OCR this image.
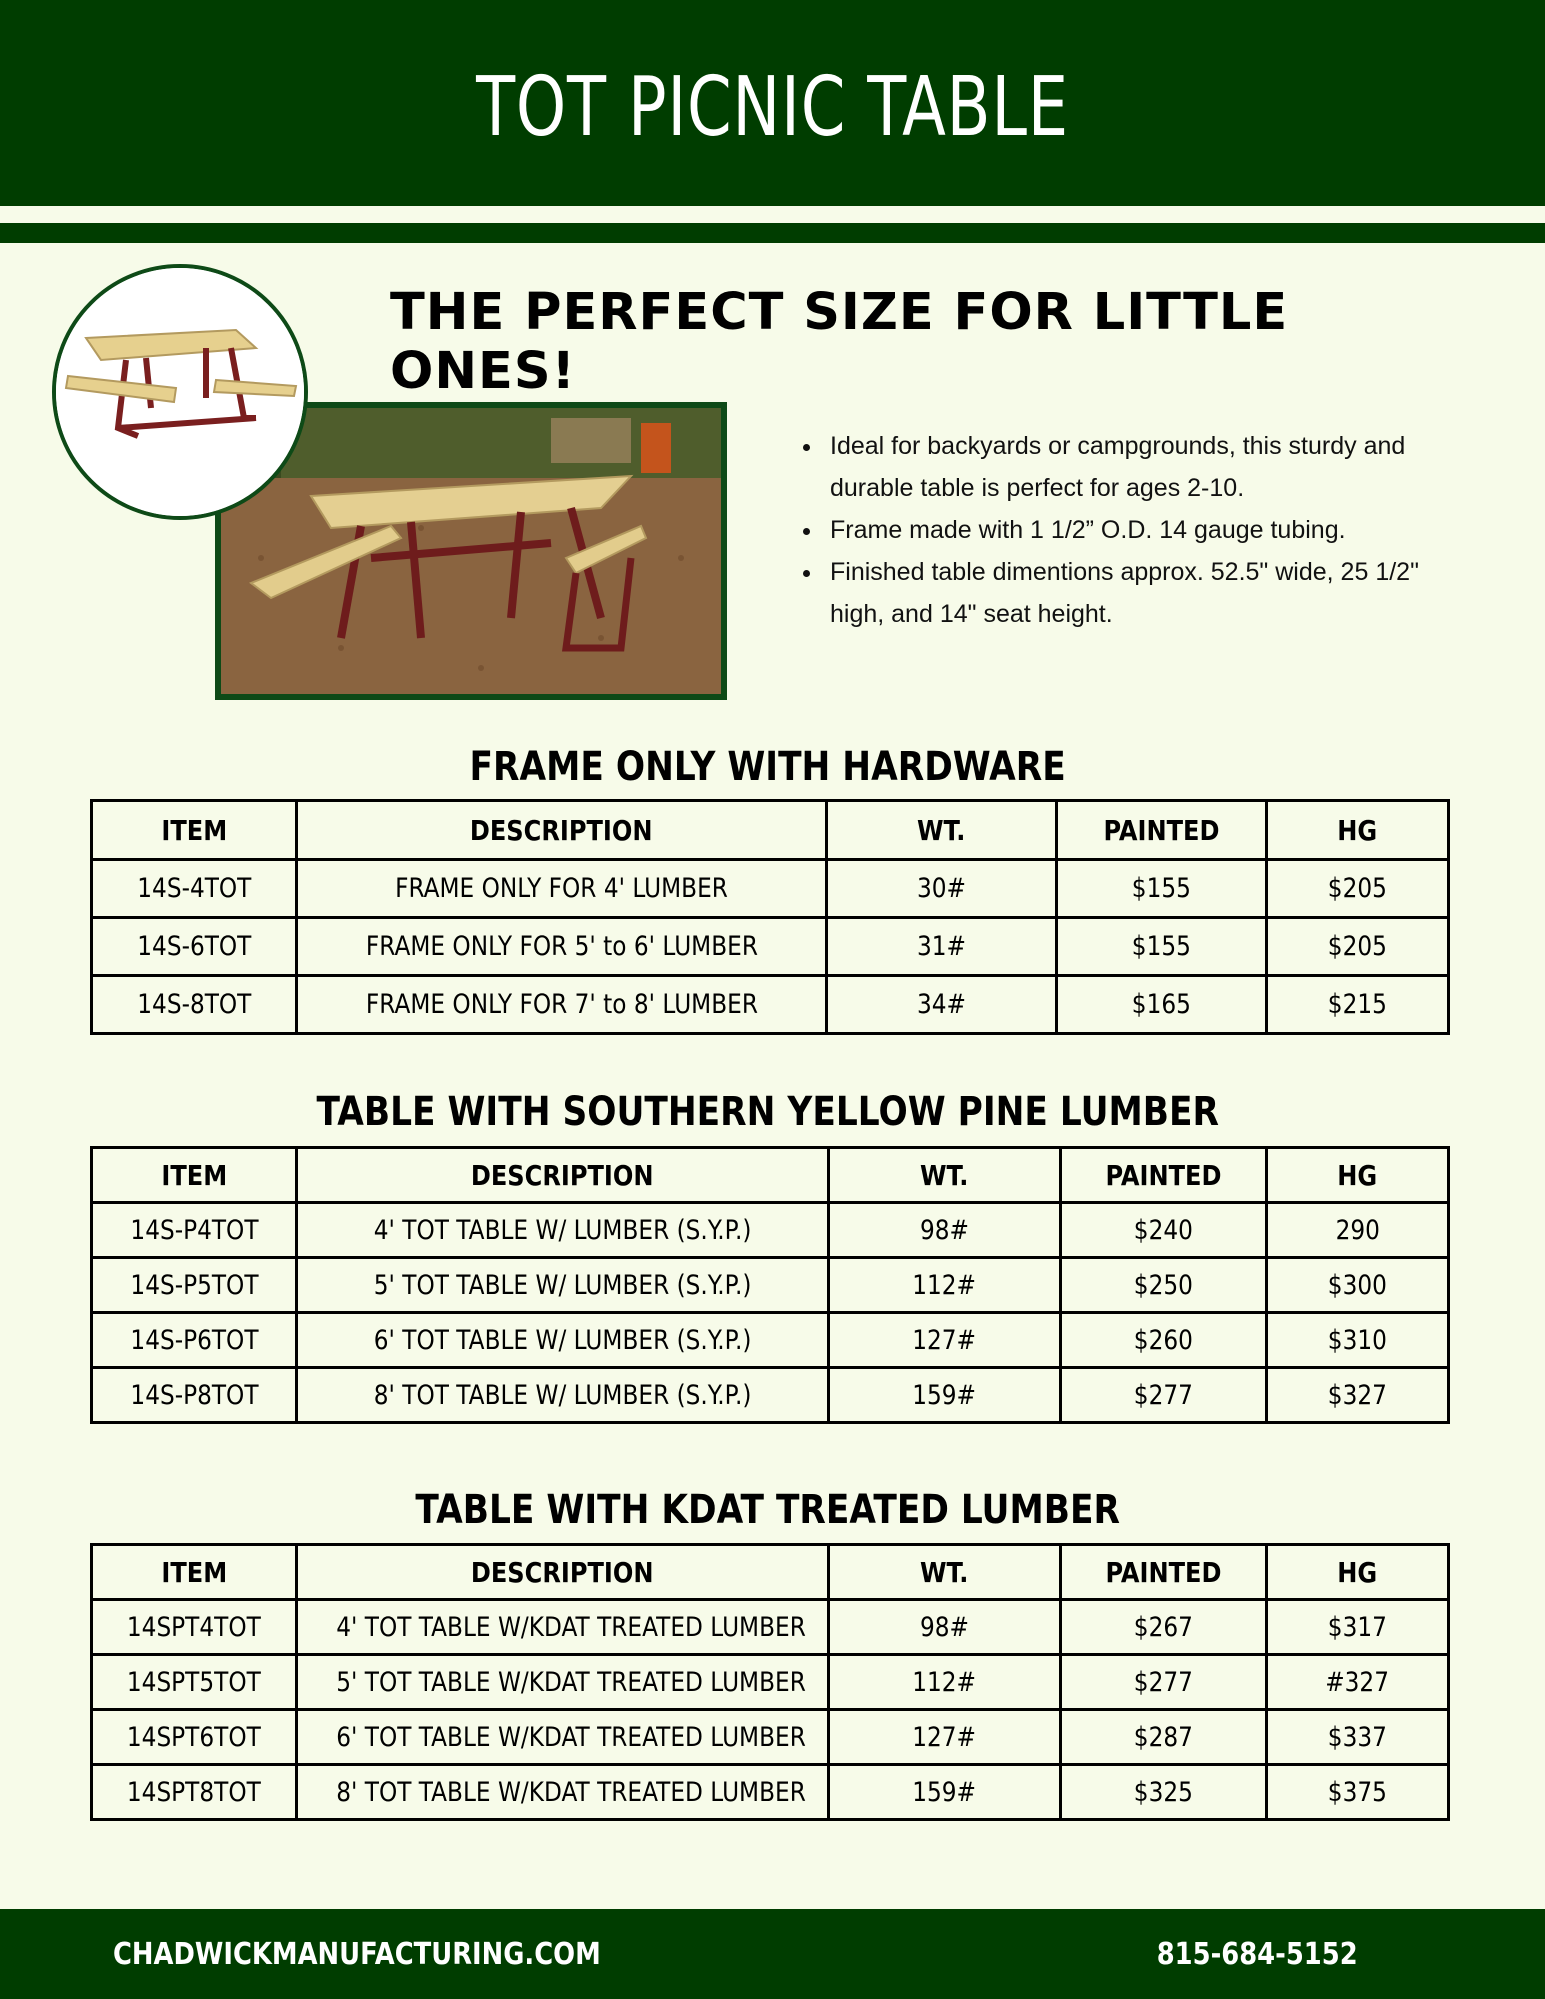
TOT PICNIC TABLE
THE PERFECT SIZE FOR LITTLE ONES!
• Ideal for backyards or campgrounds, this sturdy and durable table is perfect for ages 2-10.
• Frame made with 1 1/2” O.D. 14 gauge tubing.
• Finished table dimentions approx. 52.5" wide, 25 1/2" high, and 14" seat height.
FRAME ONLY WITH HARDWARE
ITEM	DESCRIPTION	WT.	PAINTED	HG
14S-4TOT	FRAME ONLY FOR 4' LUMBER	30#	$155	$205
14S-6TOT	FRAME ONLY FOR 5' to 6' LUMBER	31#	$155	$205
14S-8TOT	FRAME ONLY FOR 7' to 8' LUMBER	34#	$165	$215
TABLE WITH SOUTHERN YELLOW PINE LUMBER
ITEM	DESCRIPTION	WT.	PAINTED	HG
14S-P4TOT	4' TOT TABLE W/ LUMBER (S.Y.P.)	98#	$240	290
14S-P5TOT	5' TOT TABLE W/ LUMBER (S.Y.P.)	112#	$250	$300
14S-P6TOT	6' TOT TABLE W/ LUMBER (S.Y.P.)	127#	$260	$310
14S-P8TOT	8' TOT TABLE W/ LUMBER (S.Y.P.)	159#	$277	$327
TABLE WITH KDAT TREATED LUMBER
ITEM	DESCRIPTION	WT.	PAINTED	HG
14SPT4TOT	4' TOT TABLE W/KDAT TREATED LUMBER	98#	$267	$317
14SPT5TOT	5' TOT TABLE W/KDAT TREATED LUMBER	112#	$277	#327
14SPT6TOT	6' TOT TABLE W/KDAT TREATED LUMBER	127#	$287	$337
14SPT8TOT	8' TOT TABLE W/KDAT TREATED LUMBER	159#	$325	$375
CHADWICKMANUFACTURING.COM	815-684-5152
